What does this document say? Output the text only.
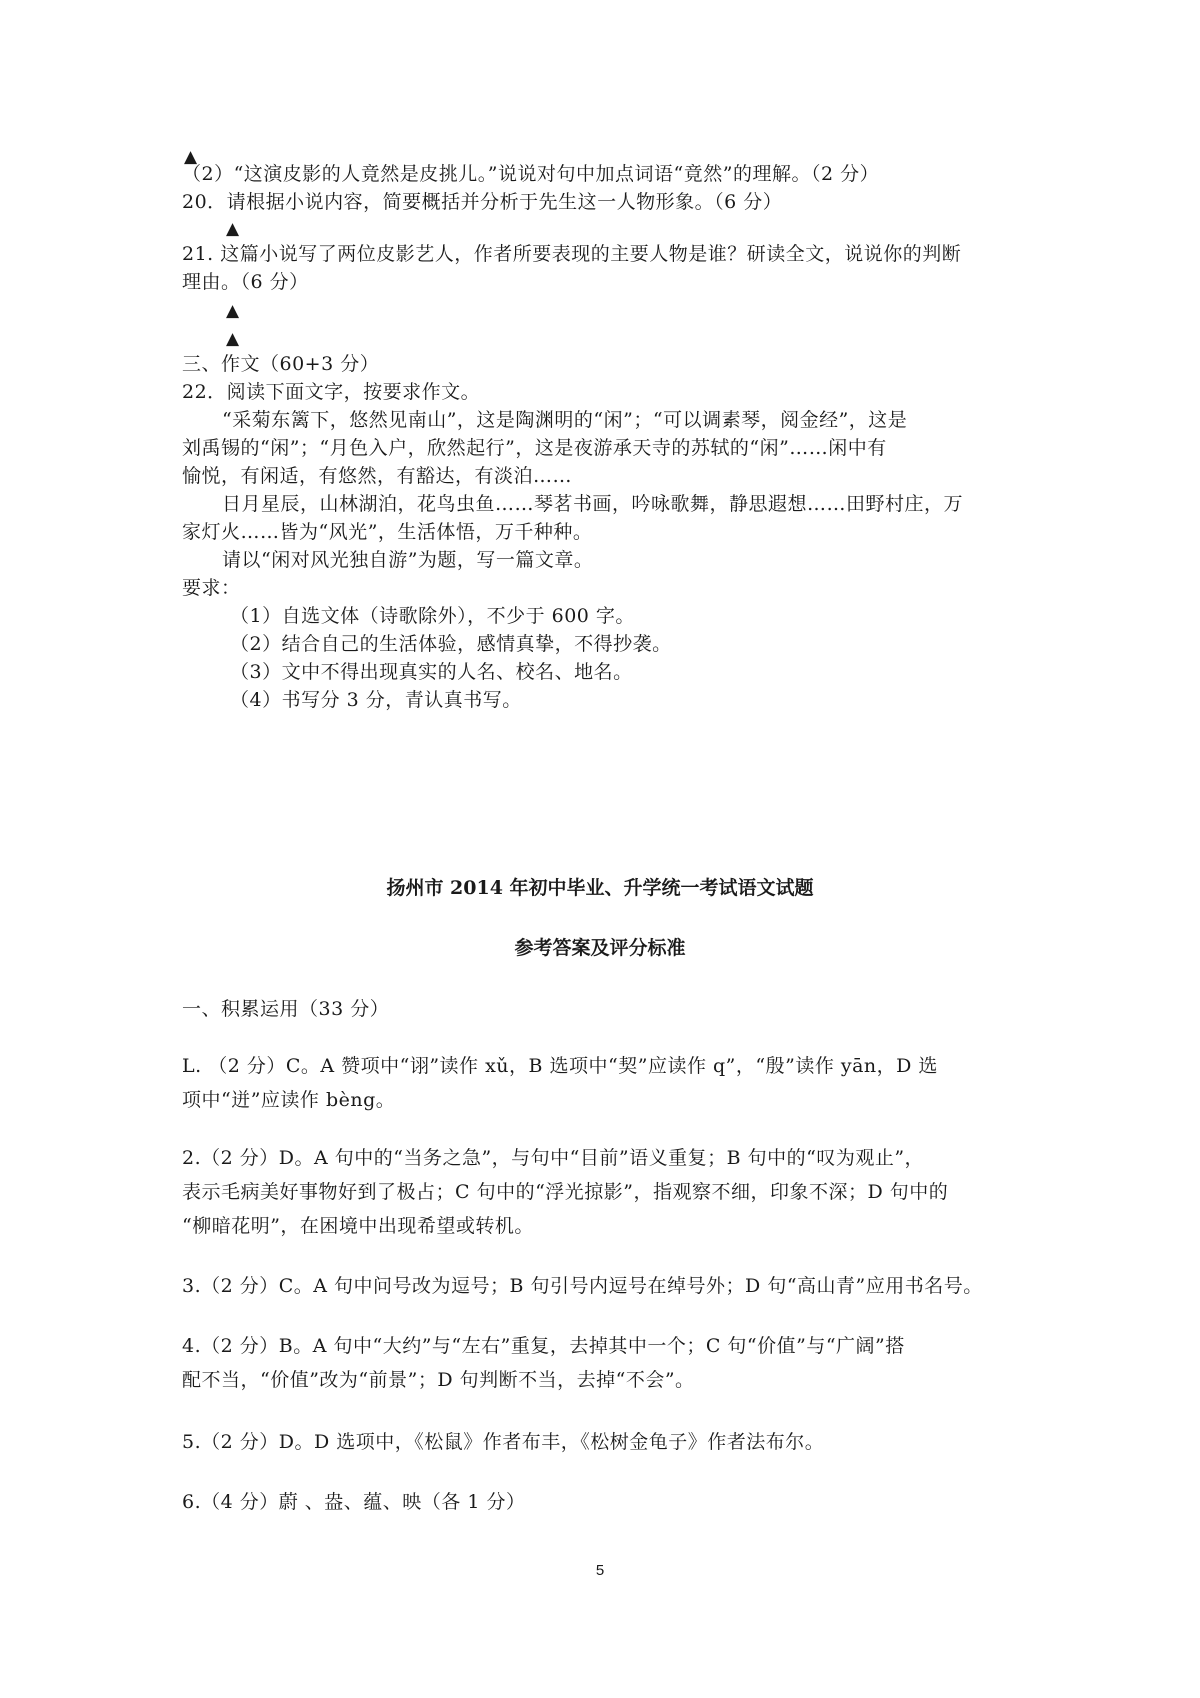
▲
（2）“这演皮影的人竟然是皮挑儿。”说说对句中加点词语“竟然”的理解。（2 分）
20．请根据小说内容，简要概括并分析于先生这一人物形象。（6 分）
▲
21. 这篇小说写了两位皮影艺人，作者所要表现的主要人物是谁？研读全文，说说你的判断
理由。（6 分）
▲
▲
三、作文（60+3 分）
22．阅读下面文字，按要求作文。
“采菊东篱下，悠然见南山”，这是陶渊明的“闲”；“可以调素琴，阅金经”，这是
刘禹锡的“闲”；“月色入户，欣然起行”，这是夜游承天寺的苏轼的“闲”……闲中有
愉悦，有闲适，有悠然，有豁达，有淡泊……
日月星辰，山林湖泊，花鸟虫鱼……琴茗书画，吟咏歌舞，静思遐想……田野村庄，万
家灯火……皆为“风光”，生活体悟，万千种种。
请以“闲对风光独自游”为题，写一篇文章。
要求：
（1）自选文体（诗歌除外），不少于 600 字。
（2）结合自己的生活体验，感情真挚，不得抄袭。
（3）文中不得出现真实的人名、校名、地名。
（4）书写分 3 分，青认真书写。
扬州市 2014 年初中毕业、升学统一考试语文试题
参考答案及评分标准
一、积累运用（33 分）
L. （2 分）C。A 赞项中“诩”读作 xǔ，B 选项中“契”应读作 q”，“殷”读作 yān，D 选
项中“迸”应读作 bèng。
2.（2 分）D。A 句中的“当务之急”，与句中“目前”语义重复；B 句中的“叹为观止”，
表示毛病美好事物好到了极占；C 句中的“浮光掠影”，指观察不细，印象不深；D 句中的
“柳暗花明”，在困境中出现希望或转机。
3.（2 分）C。A 句中问号改为逗号；B 句引号内逗号在绰号外；D 句“高山青”应用书名号。
4.（2 分）B。A 句中“大约”与“左右”重复，去掉其中一个；C 句“价值”与“广阔”搭
配不当，“价值”改为“前景”；D 句判断不当，去掉“不会”。
5.（2 分）D。D 选项中，《松鼠》作者布丰，《松树金龟子》作者法布尔。
6.（4 分）蔚 、盎、蕴、映（各 1 分）
5
